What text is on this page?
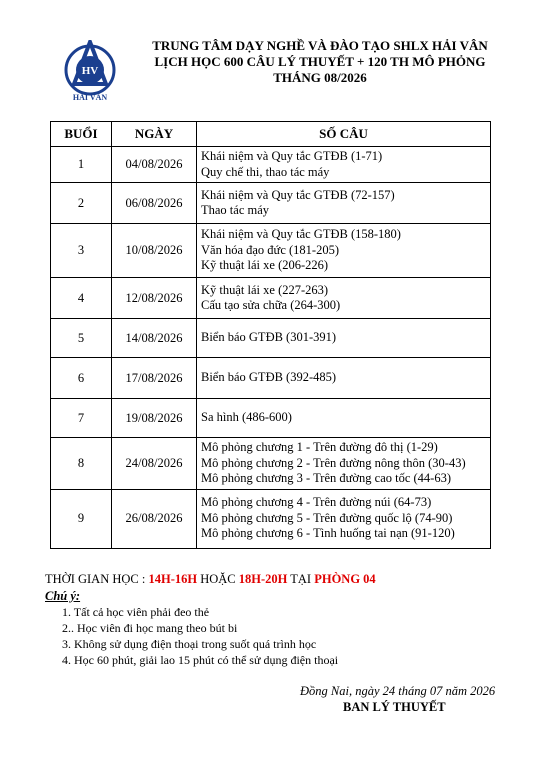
HV
HẢI VÂN
TRUNG TÂM DẠY NGHỀ VÀ ĐÀO TẠO SHLX HẢI VÂN
LỊCH HỌC 600 CÂU LÝ THUYẾT + 120 TH MÔ PHỎNG
THÁNG 08/2026
BUỔI	NGÀY	SỐ CÂU
1	04/08/2026	Khái niệm và Quy tắc GTĐB (1-71)
Quy chế thi, thao tác máy

2	06/08/2026	Khái niệm và Quy tắc GTĐB (72-157)
Thao tác máy

3	10/08/2026	Khái niệm và Quy tắc GTĐB (158-180)
Văn hóa đạo đức (181-205)
Kỹ thuật lái xe (206-226)

4	12/08/2026	Kỹ thuật lái xe (227-263)
Cấu tạo sửa chữa (264-300)

5	14/08/2026	Biển báo GTĐB (301-391)

6	17/08/2026	Biển báo GTĐB (392-485)

7	19/08/2026	Sa hình (486-600)

8	24/08/2026	Mô phỏng chương 1 - Trên đường đô thị (1-29)
Mô phỏng chương 2 - Trên đường nông thôn (30-43)
Mô phỏng chương 3 - Trên đường cao tốc (44-63)

9	26/08/2026	Mô phỏng chương 4 - Trên đường núi (64-73)
Mô phỏng chương 5 - Trên đường quốc lộ (74-90)
Mô phỏng chương 6 - Tình huống tai nạn (91-120)
THỜI GIAN HỌC : 14H-16H HOẶC 18H-20H TẠI PHÒNG 04
Chú ý:
1. Tất cả học viên phải đeo thẻ
2.. Học viên đi học mang theo bút bi
3. Không sử dụng điện thoại trong suốt quá trình học
4. Học 60 phút, giải lao 15 phút có thể sử dụng điện thoại
Đồng Nai, ngày 24 tháng 07 năm 2026
BAN LÝ THUYẾT
